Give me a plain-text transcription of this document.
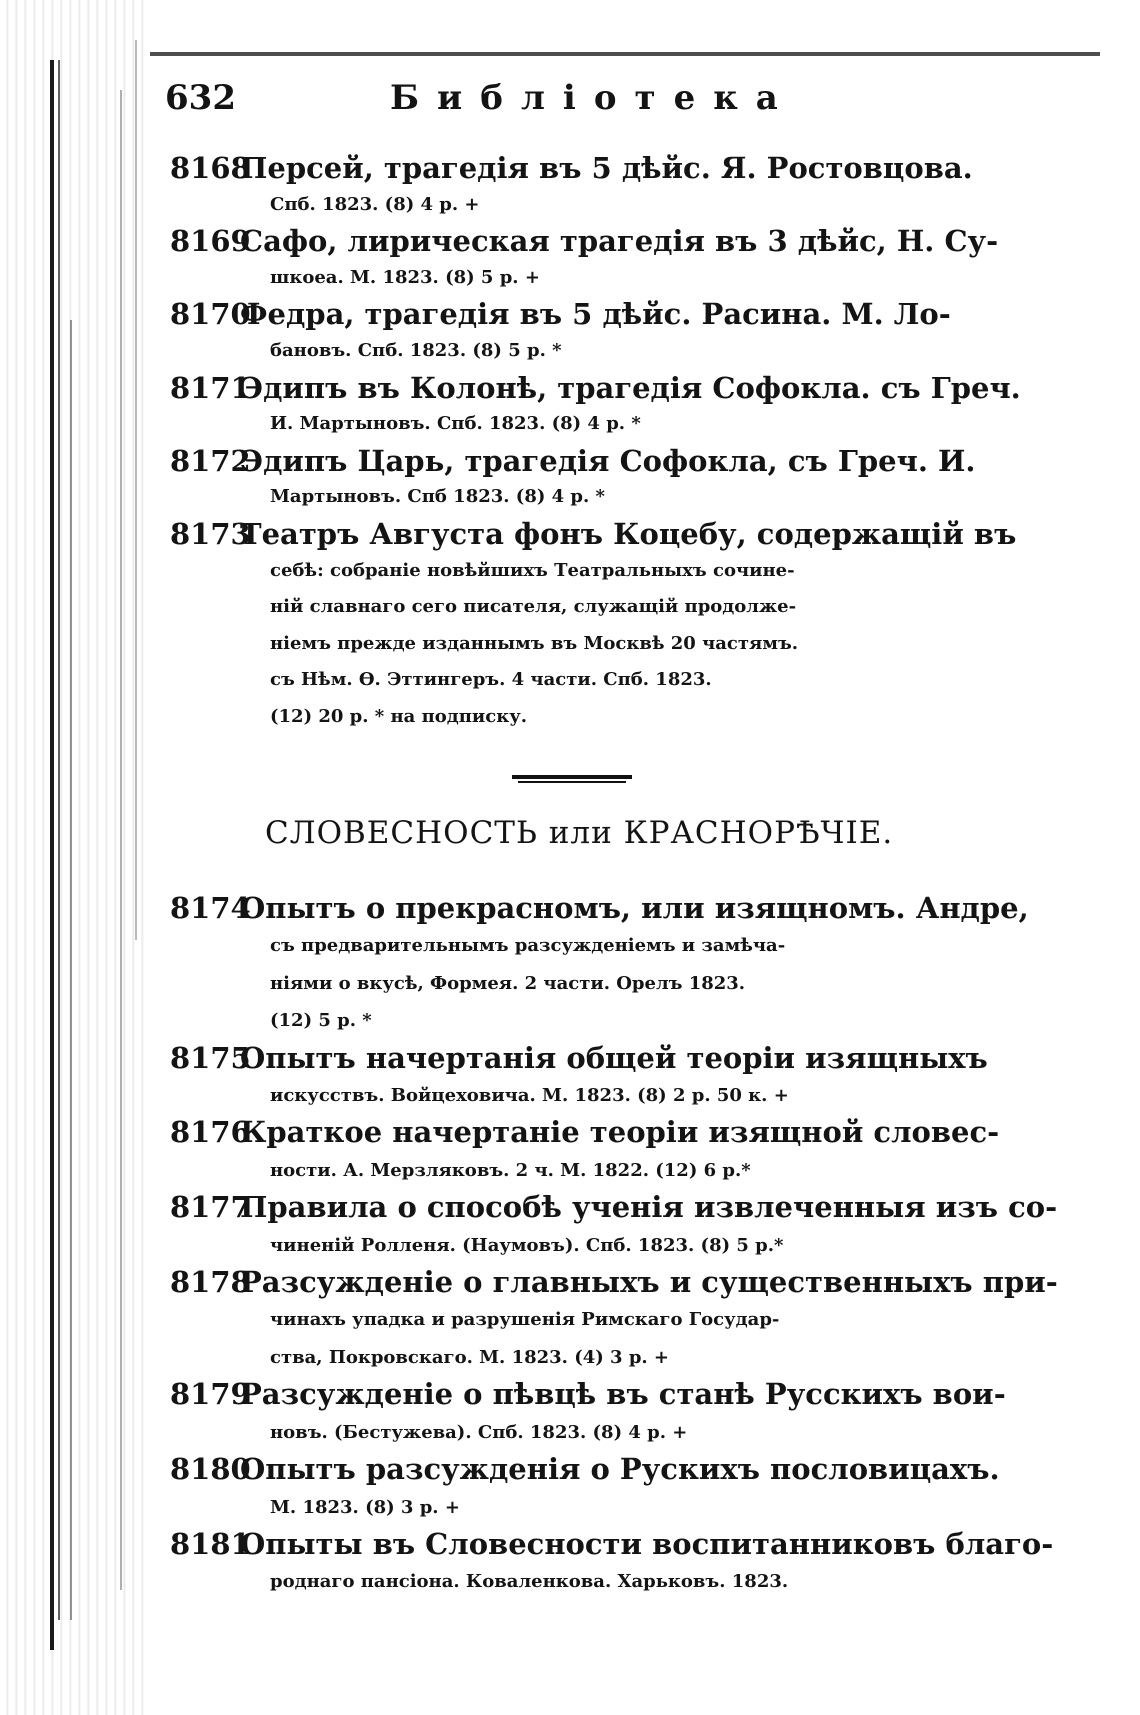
632	Библіотека
8168
Персей, трагедія въ 5 дѣйс. Я. Ростовцова.
Спб. 1823. (8) 4 р. +
8169
Сафо, лирическая трагедія въ 3 дѣйс, Н. Су-
шкоea. М. 1823. (8) 5 р. +
8170
Федра, трагедія въ 5 дѣйс. Расина. М. Ло-
бановъ. Спб. 1823. (8) 5 р. *
8171
Эдипъ въ Колонѣ, трагедія Софокла. съ Греч.
И. Мартыновъ. Спб. 1823. (8) 4 р. *
8172
Эдипъ Царь, трагедія Софокла, съ Греч. И.
Мартыновъ. Спб 1823. (8) 4 р. *
8173
Театръ Августа фонъ Коцебу, содержащій въ
себѣ: собраніе новѣйшихъ Театральныхъ сочине-
ній славнаго сего писателя, служащій продолже-
ніемъ прежде изданнымъ въ Москвѣ 20 частямъ.
съ Нѣм. Ѳ. Эттингеръ. 4 части. Спб. 1823.
(12) 20 р. * на подписку.
СЛОВЕСНОСТЬ или КРАСНОРѢЧІЕ.
8174
Опытъ о прекрасномъ, или изящномъ. Андре,
съ предварительнымъ разсужденіемъ и замѣча-
ніями о вкусѣ, Формея. 2 части. Орелъ 1823.
(12) 5 р. *
8175
Опытъ начертанія общей теоріи изящныхъ
искусствъ. Войцеховича. М. 1823. (8) 2 р. 50 к. +
8176
Краткое начертаніе теоріи изящной словес-
ности. А. Мерзляковъ. 2 ч. М. 1822. (12) 6 р.*
8177
Правила о способѣ ученія извлеченныя изъ со-
чиненій Ролленя. (Наумовъ). Спб. 1823. (8) 5 р.*
8178
Разсужденіе о главныхъ и существенныхъ при-
чинахъ упадка и разрушенія Римскаго Государ-
ства, Покровскаго. М. 1823. (4) 3 р. +
8179
Разсужденіе о пѣвцѣ въ станѣ Русскихъ вои-
новъ. (Бестужева). Спб. 1823. (8) 4 р. +
8180
Опытъ разсужденія о Рускихъ пословицахъ.
М. 1823. (8) 3 р. +
8181
Опыты въ Словесности воспитанниковъ благо-
роднаго пансіона. Коваленкова. Харьковъ. 1823.
